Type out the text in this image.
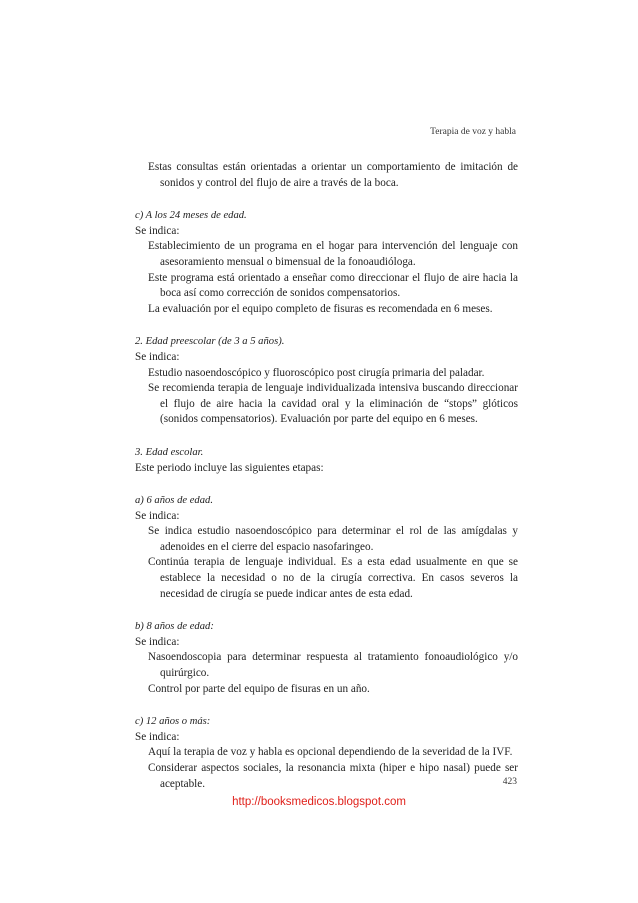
Terapia de voz y habla
Estas consultas están orientadas a orientar un comportamiento de imitación de sonidos y control del flujo de aire a través de la boca.
c) A los 24 meses de edad.
Se indica:
Establecimiento de un programa en el hogar para intervención del lenguaje con asesoramiento mensual o bimensual de la fonoaudióloga.
Este programa está orientado a enseñar como direccionar el flujo de aire hacia la boca así como corrección de sonidos compensatorios.
La evaluación por el equipo completo de fisuras es recomendada en 6 meses.
2. Edad preescolar (de 3 a 5 años).
Se indica:
Estudio nasoendoscópico y fluoroscópico post cirugía primaria del paladar.
Se recomienda terapia de lenguaje individualizada intensiva buscando direccionar el flujo de aire hacia la cavidad oral y la eliminación de “stops” glóticos (sonidos compensatorios). Evaluación por parte del equipo en 6 meses.
3. Edad escolar.
Este periodo incluye las siguientes etapas:
a) 6 años de edad.
Se indica:
Se indica estudio nasoendoscópico para determinar el rol de las amígdalas y adenoides en el cierre del espacio nasofaringeo.
Continúa terapia de lenguaje individual. Es a esta edad usualmente en que se establece la necesidad o no de la cirugía correctiva. En casos severos la necesidad de cirugía se puede indicar antes de esta edad.
b) 8 años de edad:
Se indica:
Nasoendoscopia para determinar respuesta al tratamiento fonoaudiológico y/o quirúrgico.
Control por parte del equipo de fisuras en un año.
c) 12 años o más:
Se indica:
Aquí la terapia de voz y habla es opcional dependiendo de la severidad de la IVF.
Considerar aspectos sociales, la resonancia mixta (hiper e hipo nasal) puede ser aceptable.	423
http://booksmedicos.blogspot.com
